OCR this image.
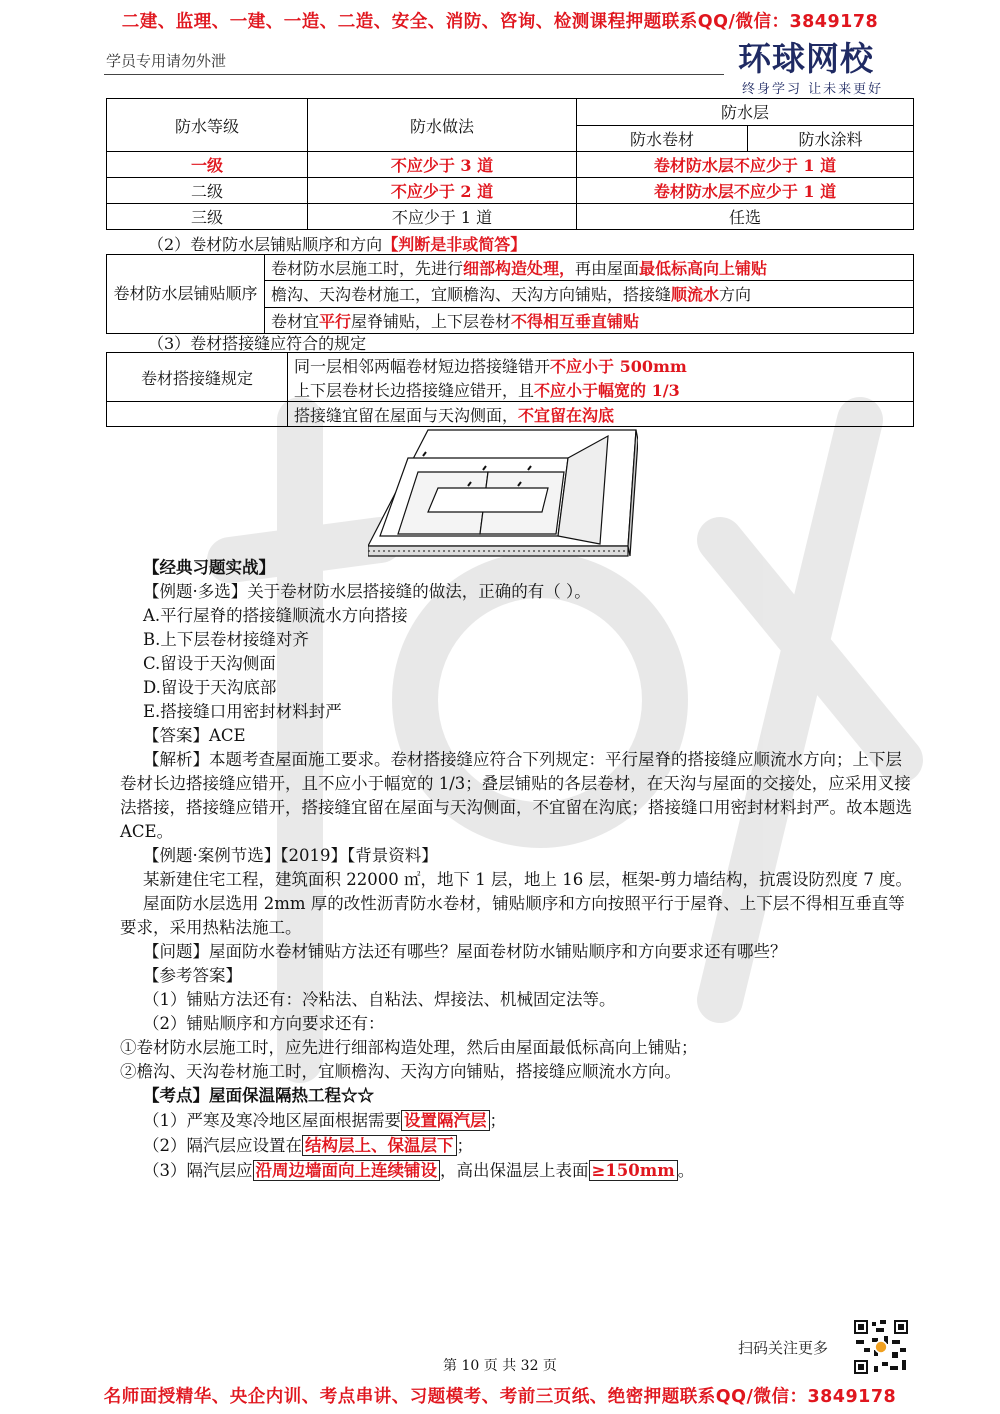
二建、监理、一建、一造、二造、安全、消防、咨询、检测课程押题联系QQ/微信：3849178
学员专用请勿外泄	环球网校
终身学习 让未来更好
防水等级	防水做法	防水层	
		防水卷材	防水涂料
一级	不应少于 3 道	卷材防水层不应少于 1 道	
二级	不应少于 2 道	卷材防水层不应少于 1 道	
三级	不应少于 1 道	任选	
（2）卷材防水层铺贴顺序和方向【判断是非或简答】
卷材防水层铺贴顺序	卷材防水层施工时，先进行细部构造处理，再由屋面最低标高向上铺贴
檐沟、天沟卷材施工，宜顺檐沟、天沟方向铺贴，搭接缝顺流水方向
卷材宜平行屋脊铺贴，上下层卷材不得相互垂直铺贴
（3）卷材搭接缝应符合的规定
卷材搭接缝规定	同一层相邻两幅卷材短边搭接缝错开不应小于 500mm
	上下层卷材长边搭接缝应错开，且不应小于幅宽的 1/3
	搭接缝宜留在屋面与天沟侧面，不宜留在沟底

【经典习题实战】

【例题·多选】关于卷材防水层搭接缝的做法，正确的有（ ）。

A.平行屋脊的搭接缝顺流水方向搭接

B.上下层卷材接缝对齐

C.留设于天沟侧面

D.留设于天沟底部

E.搭接缝口用密封材料封严

【答案】ACE

【解析】本题考查屋面施工要求。卷材搭接缝应符合下列规定：平行屋脊的搭接缝应顺流水方向；上下层卷材长边搭接缝应错开，且不应小于幅宽的 1/3；叠层铺贴的各层卷材，在天沟与屋面的交接处，应采用叉接法搭接，搭接缝应错开，搭接缝宜留在屋面与天沟侧面，不宜留在沟底；搭接缝口用密封材料封严。故本题选 ACE。

【例题·案例节选】【2019】【背景资料】

某新建住宅工程，建筑面积 22000 ㎡，地下 1 层，地上 16 层，框架-剪力墙结构，抗震设防烈度 7 度。

屋面防水层选用 2mm 厚的改性沥青防水卷材，铺贴顺序和方向按照平行于屋脊、上下层不得相互垂直等要求，采用热粘法施工。

【问题】屋面防水卷材铺贴方法还有哪些？屋面卷材防水铺贴顺序和方向要求还有哪些？

【参考答案】

（1）铺贴方法还有：冷粘法、自粘法、焊接法、机械固定法等。

（2）铺贴顺序和方向要求还有：

①卷材防水层施工时，应先进行细部构造处理，然后由屋面最低标高向上铺贴；

②檐沟、天沟卷材施工时，宜顺檐沟、天沟方向铺贴，搭接缝应顺流水方向。

【考点】屋面保温隔热工程☆☆

（1）严寒及寒冷地区屋面根据需要 设置隔汽层 ；

（2）隔汽层应设置在 结构层上、保温层下 ；

（3）隔汽层应 沿周边墙面向上连续铺设 ，高出保温层上表面 ≥150mm 。

扫码关注更多
第 10 页 共 32 页
名师面授精华、央企内训、考点串讲、习题模考、考前三页纸、绝密押题联系QQ/微信：3849178
